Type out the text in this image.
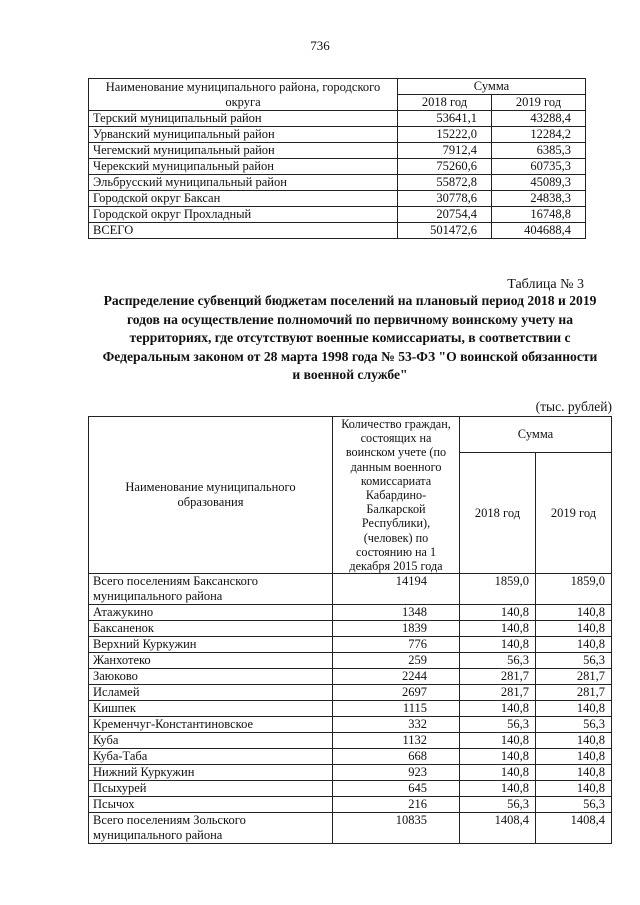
736
Наименование муниципального района, городского округа	Сумма	
	2018 год	2019 год
Терский муниципальный район	53641,1	43288,4
Урванский муниципальный район	15222,0	12284,2
Чегемский муниципальный район	7912,4	6385,3
Черекский муниципальный район	75260,6	60735,3
Эльбрусский муниципальный район	55872,8	45089,3
Городской округ Баксан	30778,6	24838,3
Городской округ Прохладный	20754,4	16748,8
ВСЕГО	501472,6	404688,4
Таблица № 3
Распределение субвенций бюджетам поселений на плановый период 2018 и 2019 годов на осуществление полномочий по первичному воинскому учету на территориях, где отсутствуют военные комиссариаты, в соответствии с Федеральным законом от 28 марта 1998 года № 53-ФЗ "О воинской обязанности и военной службе"
(тыс. рублей)
Наименование муниципального образования	Количество граждан, состоящих на воинском учете (по данным военного комиссариата Кабардино-Балкарской Республики), (человек) по состоянию на 1 декабря 2015 года	Сумма	
		2018 год	2019 год
Всего поселениям Баксанского муниципального района	14194	1859,0	1859,0
Атажукино	1348	140,8	140,8
Баксаненок	1839	140,8	140,8
Верхний Куркужин	776	140,8	140,8
Жанхотеко	259	56,3	56,3
Заюково	2244	281,7	281,7
Исламей	2697	281,7	281,7
Кишпек	1115	140,8	140,8
Кременчуг-Константиновское	332	56,3	56,3
Куба	1132	140,8	140,8
Куба-Таба	668	140,8	140,8
Нижний Куркужин	923	140,8	140,8
Псыхурей	645	140,8	140,8
Псычох	216	56,3	56,3
Всего поселениям Зольского муниципального района	10835	1408,4	1408,4
